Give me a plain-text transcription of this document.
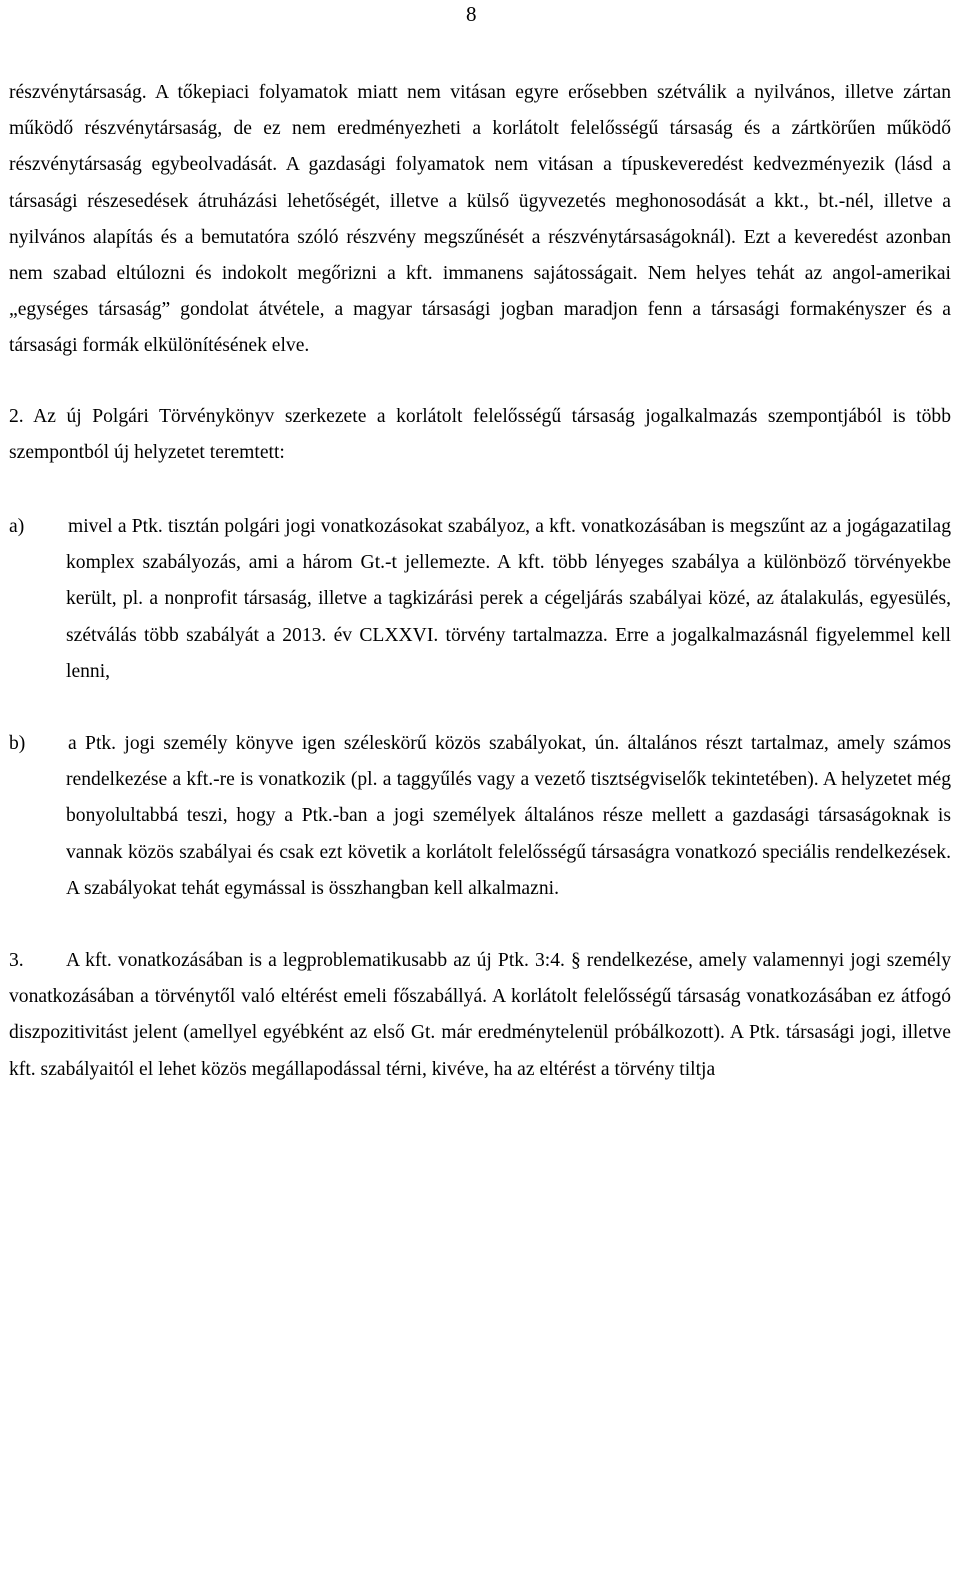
8

részvénytársaság. A tőkepiaci folyamatok miatt nem vitásan egyre erősebben szétválik a nyilvános, illetve zártan működő részvénytársaság, de ez nem eredményezheti a korlátolt felelősségű társaság és a zártkörűen működő részvénytársaság egybeolvadását. A gazdasági folyamatok nem vitásan a típuskeveredést kedvezményezik (lásd a társasági részesedések átruházási lehetőségét, illetve a külső ügyvezetés meghonosodását a kkt., bt.-nél, illetve a nyilvános alapítás és a bemutatóra szóló részvény megszűnését a részvénytársaságoknál). Ezt a keveredést azonban nem szabad eltúlozni és indokolt megőrizni a kft. immanens sajátosságait. Nem helyes tehát az angol-amerikai „egységes társaság” gondolat átvétele, a magyar társasági jogban maradjon fenn a társasági formakényszer és a társasági formák elkülönítésének elve.

2. Az új Polgári Törvénykönyv szerkezete a korlátolt felelősségű társaság jogalkalmazás szempontjából is több szempontból új helyzetet teremtett:

a) mivel a Ptk. tisztán polgári jogi vonatkozásokat szabályoz, a kft. vonatkozásában is megszűnt az a jogágazatilag komplex szabályozás, ami a három Gt.-t jellemezte. A kft. több lényeges szabálya a különböző törvényekbe került, pl. a nonprofit társaság, illetve a tagkizárási perek a cégeljárás szabályai közé, az átalakulás, egyesülés, szétválás több szabályát a 2013. év CLXXVI. törvény tartalmazza. Erre a jogalkalmazásnál figyelemmel kell lenni,

b) a Ptk. jogi személy könyve igen széleskörű közös szabályokat, ún. általános részt tartalmaz, amely számos rendelkezése a kft.-re is vonatkozik (pl. a taggyűlés vagy a vezető tisztségviselők tekintetében). A helyzetet még bonyolultabbá teszi, hogy a Ptk.-ban a jogi személyek általános része mellett a gazdasági társaságoknak is vannak közös szabályai és csak ezt követik a korlátolt felelősségű társaságra vonatkozó speciális rendelkezések. A szabályokat tehát egymással is összhangban kell alkalmazni.

3. A kft. vonatkozásában is a legproblematikusabb az új Ptk. 3:4. § rendelkezése, amely valamennyi jogi személy vonatkozásában a törvénytől való eltérést emeli főszabállyá. A korlátolt felelősségű társaság vonatkozásában ez átfogó diszpozitivitást jelent (amellyel egyébként az első Gt. már eredménytelenül próbálkozott). A Ptk. társasági jogi, illetve kft. szabályaitól el lehet közös megállapodással térni, kivéve, ha az eltérést a törvény tiltja
